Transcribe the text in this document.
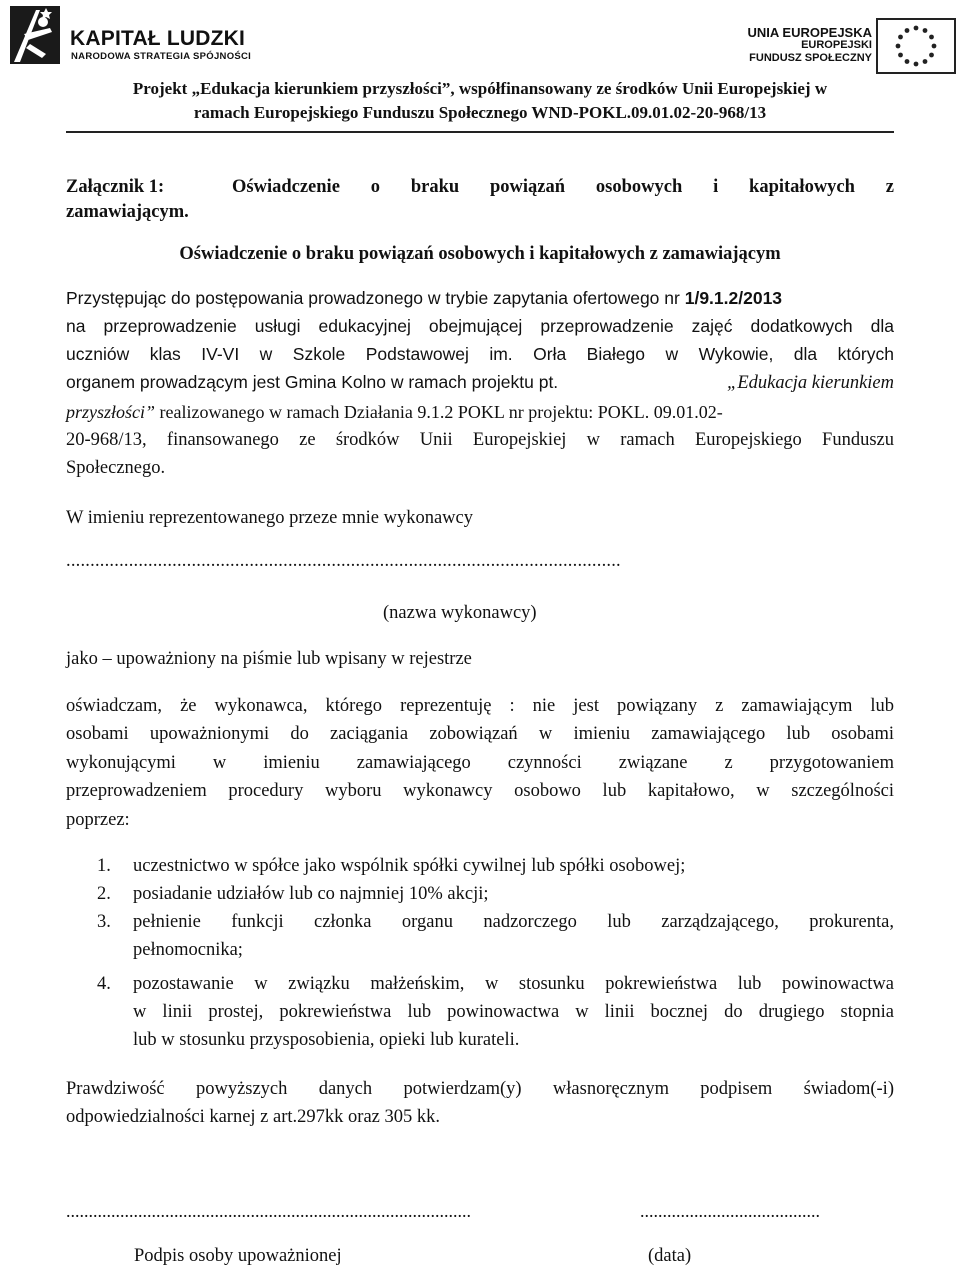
KAPITAŁ LUDZKI
NARODOWA STRATEGIA SPÓJNOŚCI
UNIA EUROPEJSKA
EUROPEJSKI
FUNDUSZ SPOŁECZNY
Projekt „Edukacja kierunkiem przyszłości”, współfinansowany ze środków Unii Europejskiej w
ramach Europejskiego Funduszu Społecznego WND-POKL.09.01.02-20-968/13
Załącznik 1:	Oświadczenie o braku powiązań osobowych i kapitałowych z
zamawiającym.
Oświadczenie o braku powiązań osobowych i kapitałowych z zamawiającym
Przystępując do postępowania prowadzonego w trybie zapytania ofertowego nr 1/9.1.2/2013
na przeprowadzenie usługi edukacyjnej obejmującej przeprowadzenie zajęć dodatkowych dla
uczniów klas IV-VI w Szkole Podstawowej im. Orła Białego w Wykowie, dla których
organem prowadzącym jest Gmina Kolno w ramach projektu pt.	„Edukacja kierunkiem
przyszłości” realizowanego w ramach Działania 9.1.2 POKL nr projektu: POKL. 09.01.02-
20-968/13, finansowanego ze środków Unii Europejskiej w ramach Europejskiego Funduszu
Społecznego.
W imieniu reprezentowanego przeze mnie wykonawcy
...................................................................................................................
(nazwa wykonawcy)
jako – upoważniony na piśmie lub wpisany w rejestrze
oświadczam, że wykonawca, którego reprezentuję : nie jest powiązany z zamawiającym lub
osobami upoważnionymi do zaciągania zobowiązań w imieniu zamawiającego lub osobami
wykonującymi w imieniu zamawiającego czynności związane z przygotowaniem
przeprowadzeniem procedury wyboru wykonawcy osobowo lub kapitałowo, w szczególności
poprzez:
1. uczestnictwo w spółce jako wspólnik spółki cywilnej lub spółki osobowej;
2. posiadanie udziałów lub co najmniej 10% akcji;
3. pełnienie funkcji członka organu nadzorczego lub zarządzającego, prokurenta,
pełnomocnika;
4. pozostawanie w związku małżeńskim, w stosunku pokrewieństwa lub powinowactwa
w linii prostej, pokrewieństwa lub powinowactwa w linii bocznej do drugiego stopnia
lub w stosunku przysposobienia, opieki lub kurateli.
Prawdziwość powyższych danych potwierdzam(y) własnoręcznym podpisem świadom(-i)
odpowiedzialności karnej z art.297kk oraz 305 kk.
..........................................................................................	........................................
Podpis osoby upoważnionej	(data)
